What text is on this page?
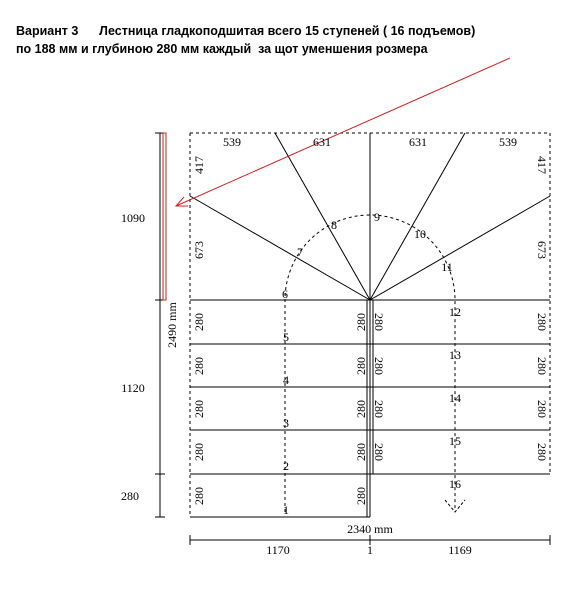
Вариант 3      Лестница гладкоподшитая всего 15 ступеней ( 16 подъемов)
по 188 мм и глубиною 280 мм каждый  за щот уменшения розмера
539	631	631	539
417
673
417
673
1090
2490 mm
1120
280
280
280
280
280
280
280
280
280
280
280
280
280
280
280
280
280
280
280
1
2
3
4
5
6
7
8
9
10
11
12
13
14
15
16
2340 mm
1170	1	1169
